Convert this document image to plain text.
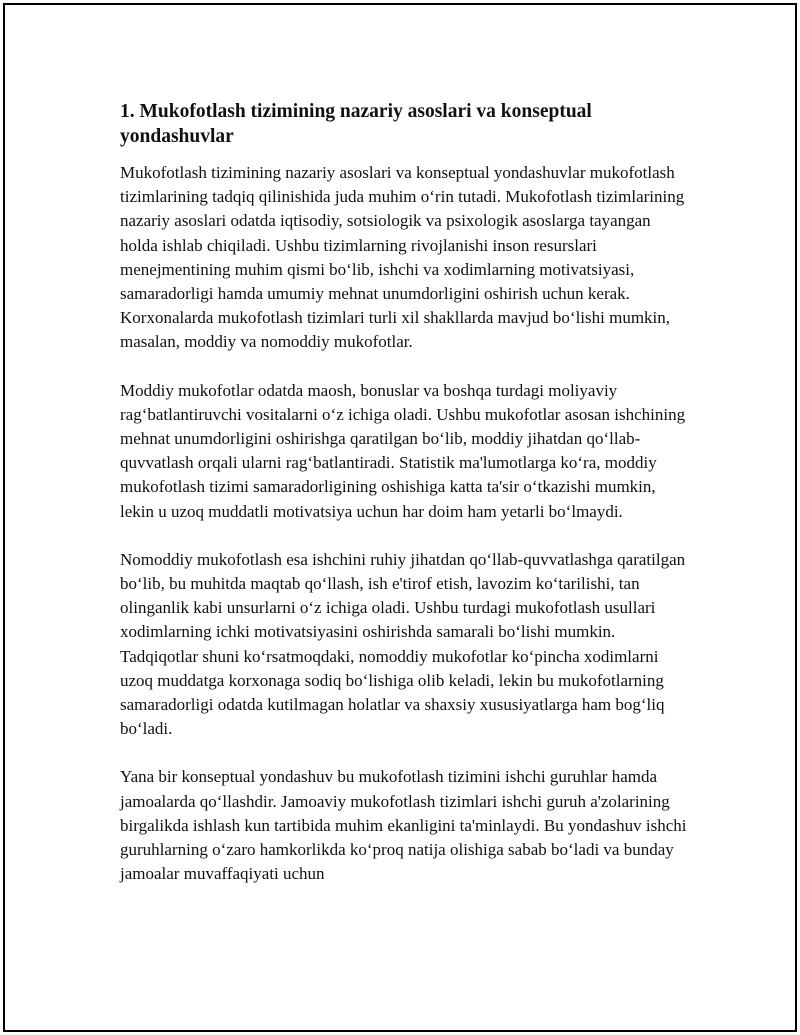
1. Mukofotlash tizimining nazariy asoslari va konseptual yondashuvlar

Mukofotlash tizimining nazariy asoslari va konseptual yondashuvlar mukofotlash tizimlarining tadqiq qilinishida juda muhim o‘rin tutadi. Mukofotlash tizimlarining nazariy asoslari odatda iqtisodiy, sotsiologik va psixologik asoslarga tayangan holda ishlab chiqiladi. Ushbu tizimlarning rivojlanishi inson resurslari menejmentining muhim qismi bo‘lib, ishchi va xodimlarning motivatsiyasi, samaradorligi hamda umumiy mehnat unumdorligini oshirish uchun kerak. Korxonalarda mukofotlash tizimlari turli xil shakllarda mavjud bo‘lishi mumkin, masalan, moddiy va nomoddiy mukofotlar.

Moddiy mukofotlar odatda maosh, bonuslar va boshqa turdagi moliyaviy rag‘batlantiruvchi vositalarni o‘z ichiga oladi. Ushbu mukofotlar asosan ishchining mehnat unumdorligini oshirishga qaratilgan bo‘lib, moddiy jihatdan qo‘llab-quvvatlash orqali ularni rag‘batlantiradi. Statistik ma'lumotlarga ko‘ra, moddiy mukofotlash tizimi samaradorligining oshishiga katta ta'sir o‘tkazishi mumkin, lekin u uzoq muddatli motivatsiya uchun har doim ham yetarli bo‘lmaydi.

Nomoddiy mukofotlash esa ishchini ruhiy jihatdan qo‘llab-quvvatlashga qaratilgan bo‘lib, bu muhitda maqtab qo‘llash, ish e'tirof etish, lavozim ko‘tarilishi, tan olinganlik kabi unsurlarni o‘z ichiga oladi. Ushbu turdagi mukofotlash usullari xodimlarning ichki motivatsiyasini oshirishda samarali bo‘lishi mumkin. Tadqiqotlar shuni ko‘rsatmoqdaki, nomoddiy mukofotlar ko‘pincha xodimlarni uzoq muddatga korxonaga sodiq bo‘lishiga olib keladi, lekin bu mukofotlarning samaradorligi odatda kutilmagan holatlar va shaxsiy xususiyatlarga ham bog‘liq bo‘ladi.

Yana bir konseptual yondashuv bu mukofotlash tizimini ishchi guruhlar hamda jamoalarda qo‘llashdir. Jamoaviy mukofotlash tizimlari ishchi guruh a'zolarining birgalikda ishlash kun tartibida muhim ekanligini ta'minlaydi. Bu yondashuv ishchi guruhlarning o‘zaro hamkorlikda ko‘proq natija olishiga sabab bo‘ladi va bunday jamoalar muvaffaqiyati uchun
